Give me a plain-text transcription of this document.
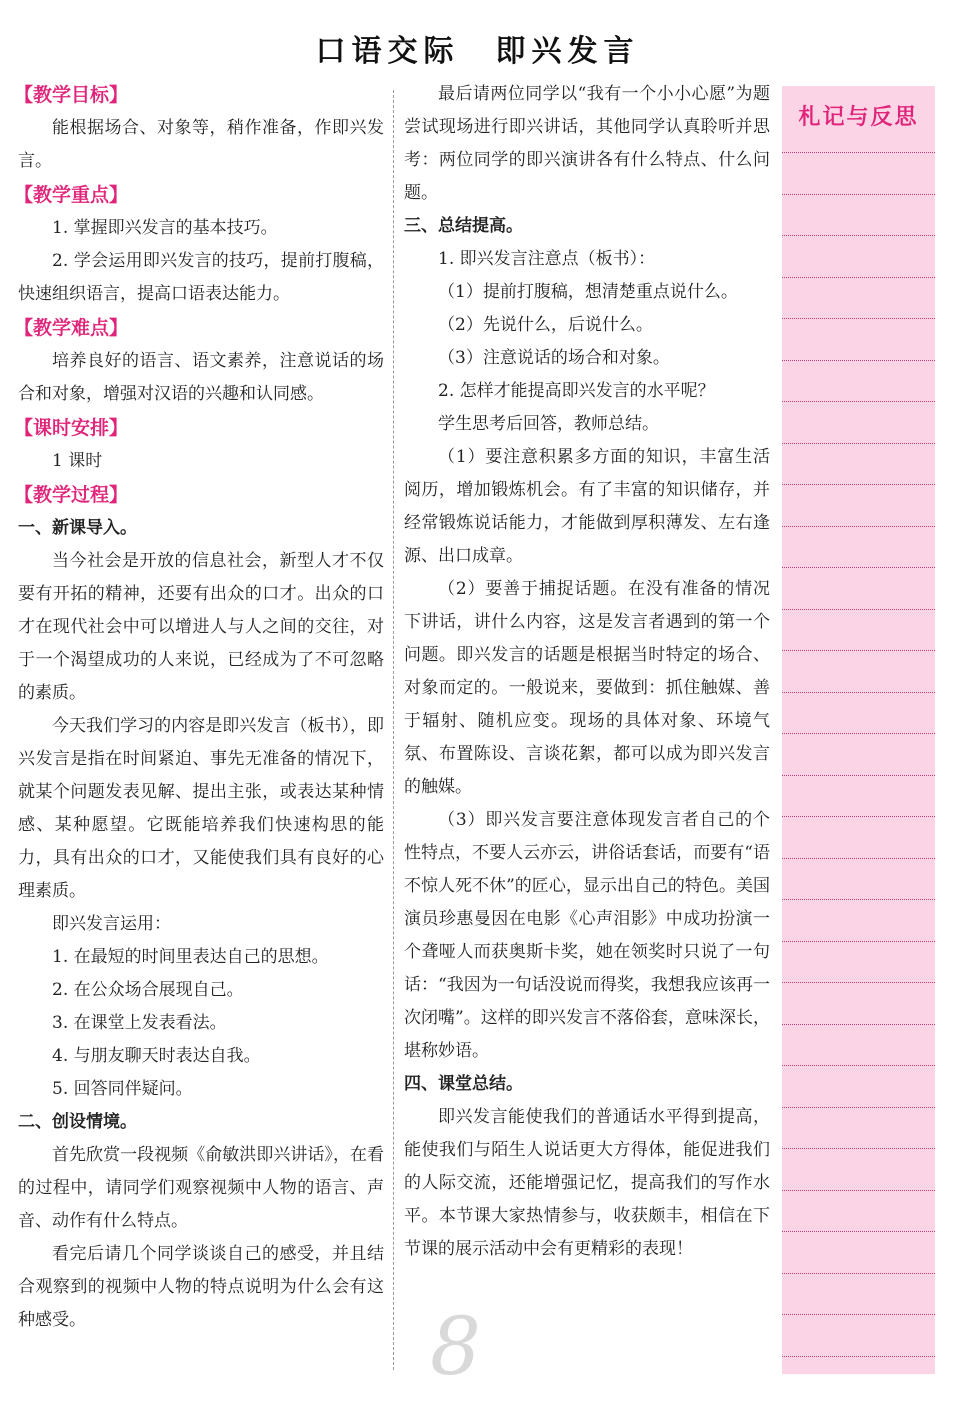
口语交际　即兴发言

【教学目标】

能根据场合、对象等，稍作准备，作即兴发言。

【教学重点】

1. 掌握即兴发言的基本技巧。

2. 学会运用即兴发言的技巧，提前打腹稿，快速组织语言，提高口语表达能力。

【教学难点】

培养良好的语言、语文素养，注意说话的场合和对象，增强对汉语的兴趣和认同感。

【课时安排】

1 课时

【教学过程】

一、新课导入。

当今社会是开放的信息社会，新型人才不仅要有开拓的精神，还要有出众的口才。出众的口才在现代社会中可以增进人与人之间的交往，对于一个渴望成功的人来说，已经成为了不可忽略的素质。

今天我们学习的内容是即兴发言（板书），即兴发言是指在时间紧迫、事先无准备的情况下，就某个问题发表见解、提出主张，或表达某种情感、某种愿望。它既能培养我们快速构思的能力，具有出众的口才，又能使我们具有良好的心理素质。

即兴发言运用：

1. 在最短的时间里表达自己的思想。

2. 在公众场合展现自己。

3. 在课堂上发表看法。

4. 与朋友聊天时表达自我。

5. 回答同伴疑问。

二、创设情境。

首先欣赏一段视频《俞敏洪即兴讲话》，在看的过程中，请同学们观察视频中人物的语言、声音、动作有什么特点。

看完后请几个同学谈谈自己的感受，并且结合观察到的视频中人物的特点说明为什么会有这种感受。

最后请两位同学以“我有一个小小心愿”为题尝试现场进行即兴讲话，其他同学认真聆听并思考：两位同学的即兴演讲各有什么特点、什么问题。

三、总结提高。

1. 即兴发言注意点（板书）：

（1）提前打腹稿，想清楚重点说什么。

（2）先说什么，后说什么。

（3）注意说话的场合和对象。

2. 怎样才能提高即兴发言的水平呢？

学生思考后回答，教师总结。

（1）要注意积累多方面的知识，丰富生活阅历，增加锻炼机会。有了丰富的知识储存，并经常锻炼说话能力，才能做到厚积薄发、左右逢源、出口成章。

（2）要善于捕捉话题。在没有准备的情况下讲话，讲什么内容，这是发言者遇到的第一个问题。即兴发言的话题是根据当时特定的场合、对象而定的。一般说来，要做到：抓住触媒、善于辐射、随机应变。现场的具体对象、环境气氛、布置陈设、言谈花絮，都可以成为即兴发言的触媒。

（3）即兴发言要注意体现发言者自己的个性特点，不要人云亦云，讲俗话套话，而要有“语不惊人死不休”的匠心，显示出自己的特色。美国演员珍惠曼因在电影《心声泪影》中成功扮演一个聋哑人而获奥斯卡奖，她在领奖时只说了一句话：“我因为一句话没说而得奖，我想我应该再一次闭嘴”。这样的即兴发言不落俗套，意味深长，堪称妙语。

四、课堂总结。

即兴发言能使我们的普通话水平得到提高，能使我们与陌生人说话更大方得体，能促进我们的人际交流，还能增强记忆，提高我们的写作水平。本节课大家热情参与，收获颇丰，相信在下节课的展示活动中会有更精彩的表现！

札记与反思
8
